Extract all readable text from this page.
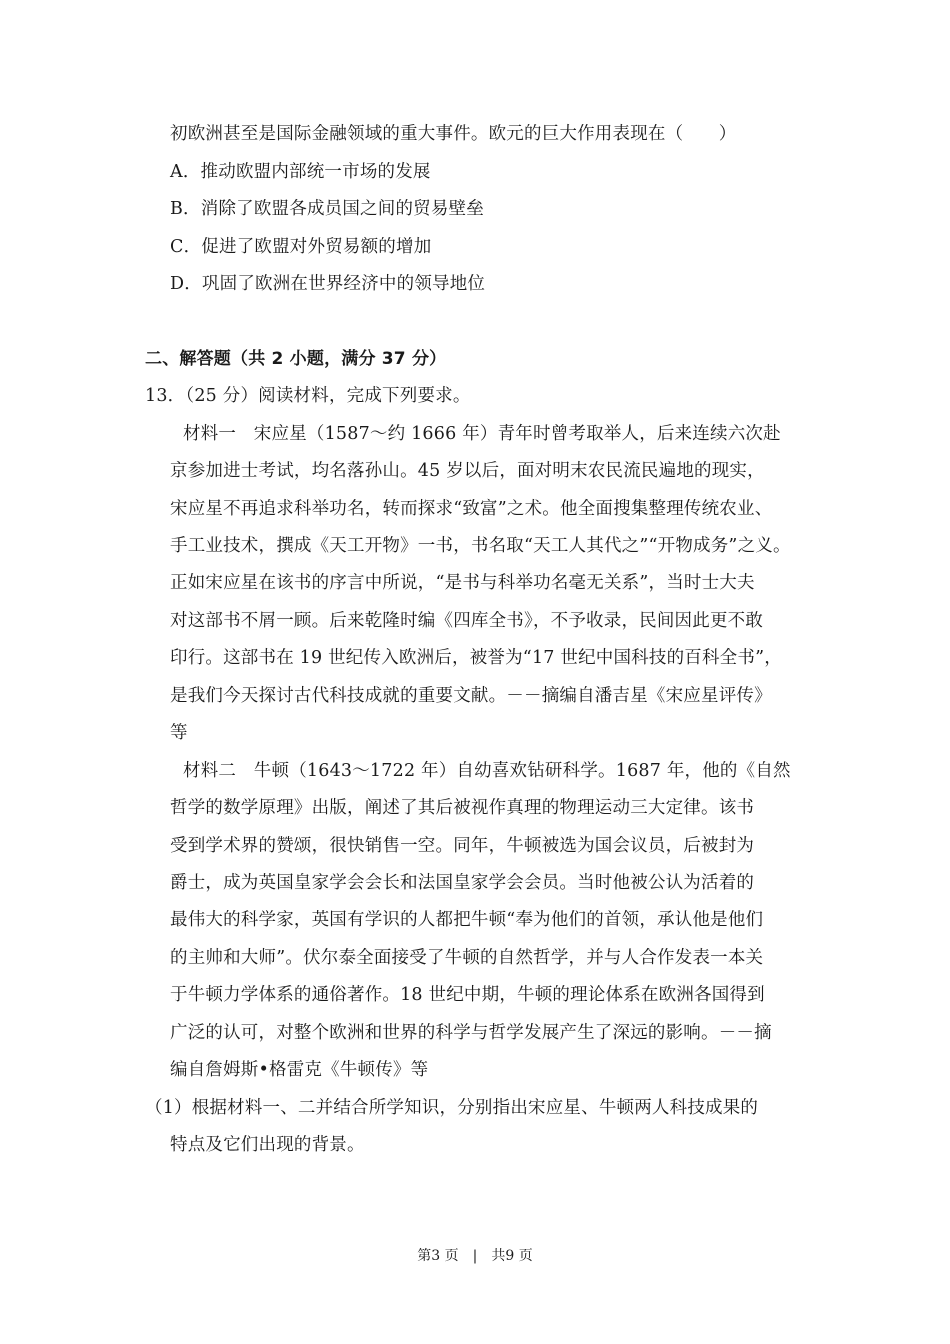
初欧洲甚至是国际金融领域的重大事件。欧元的巨大作用表现在（　　）
A．推动欧盟内部统一市场的发展
B．消除了欧盟各成员国之间的贸易壁垒
C．促进了欧盟对外贸易额的增加
D．巩固了欧洲在世界经济中的领导地位
二、解答题（共 2 小题，满分 37 分）
13．（25 分）阅读材料，完成下列要求。
材料一　宋应星（1587～约 1666 年）青年时曾考取举人，后来连续六次赴
京参加进士考试，均名落孙山。45 岁以后，面对明末农民流民遍地的现实，
宋应星不再追求科举功名，转而探求“致富”之术。他全面搜集整理传统农业、
手工业技术，撰成《天工开物》一书，书名取“天工人其代之”“开物成务”之义。
正如宋应星在该书的序言中所说，“是书与科举功名毫无关系”，当时士大夫
对这部书不屑一顾。后来乾隆时编《四库全书》，不予收录，民间因此更不敢
印行。这部书在 19 世纪传入欧洲后，被誉为“17 世纪中国科技的百科全书”，
是我们今天探讨古代科技成就的重要文献。－－摘编自潘吉星《宋应星评传》
等
材料二　牛顿（1643～1722 年）自幼喜欢钻研科学。1687 年，他的《自然
哲学的数学原理》出版，阐述了其后被视作真理的物理运动三大定律。该书
受到学术界的赞颂，很快销售一空。同年，牛顿被选为国会议员，后被封为
爵士，成为英国皇家学会会长和法国皇家学会会员。当时他被公认为活着的
最伟大的科学家，英国有学识的人都把牛顿“奉为他们的首领，承认他是他们
的主帅和大师”。伏尔泰全面接受了牛顿的自然哲学，并与人合作发表一本关
于牛顿力学体系的通俗著作。18 世纪中期，牛顿的理论体系在欧洲各国得到
广泛的认可，对整个欧洲和世界的科学与哲学发展产生了深远的影响。－－摘
编自詹姆斯•格雷克《牛顿传》等
（1）根据材料一、二并结合所学知识，分别指出宋应星、牛顿两人科技成果的
特点及它们出现的背景。
第3 页　|　共9 页
